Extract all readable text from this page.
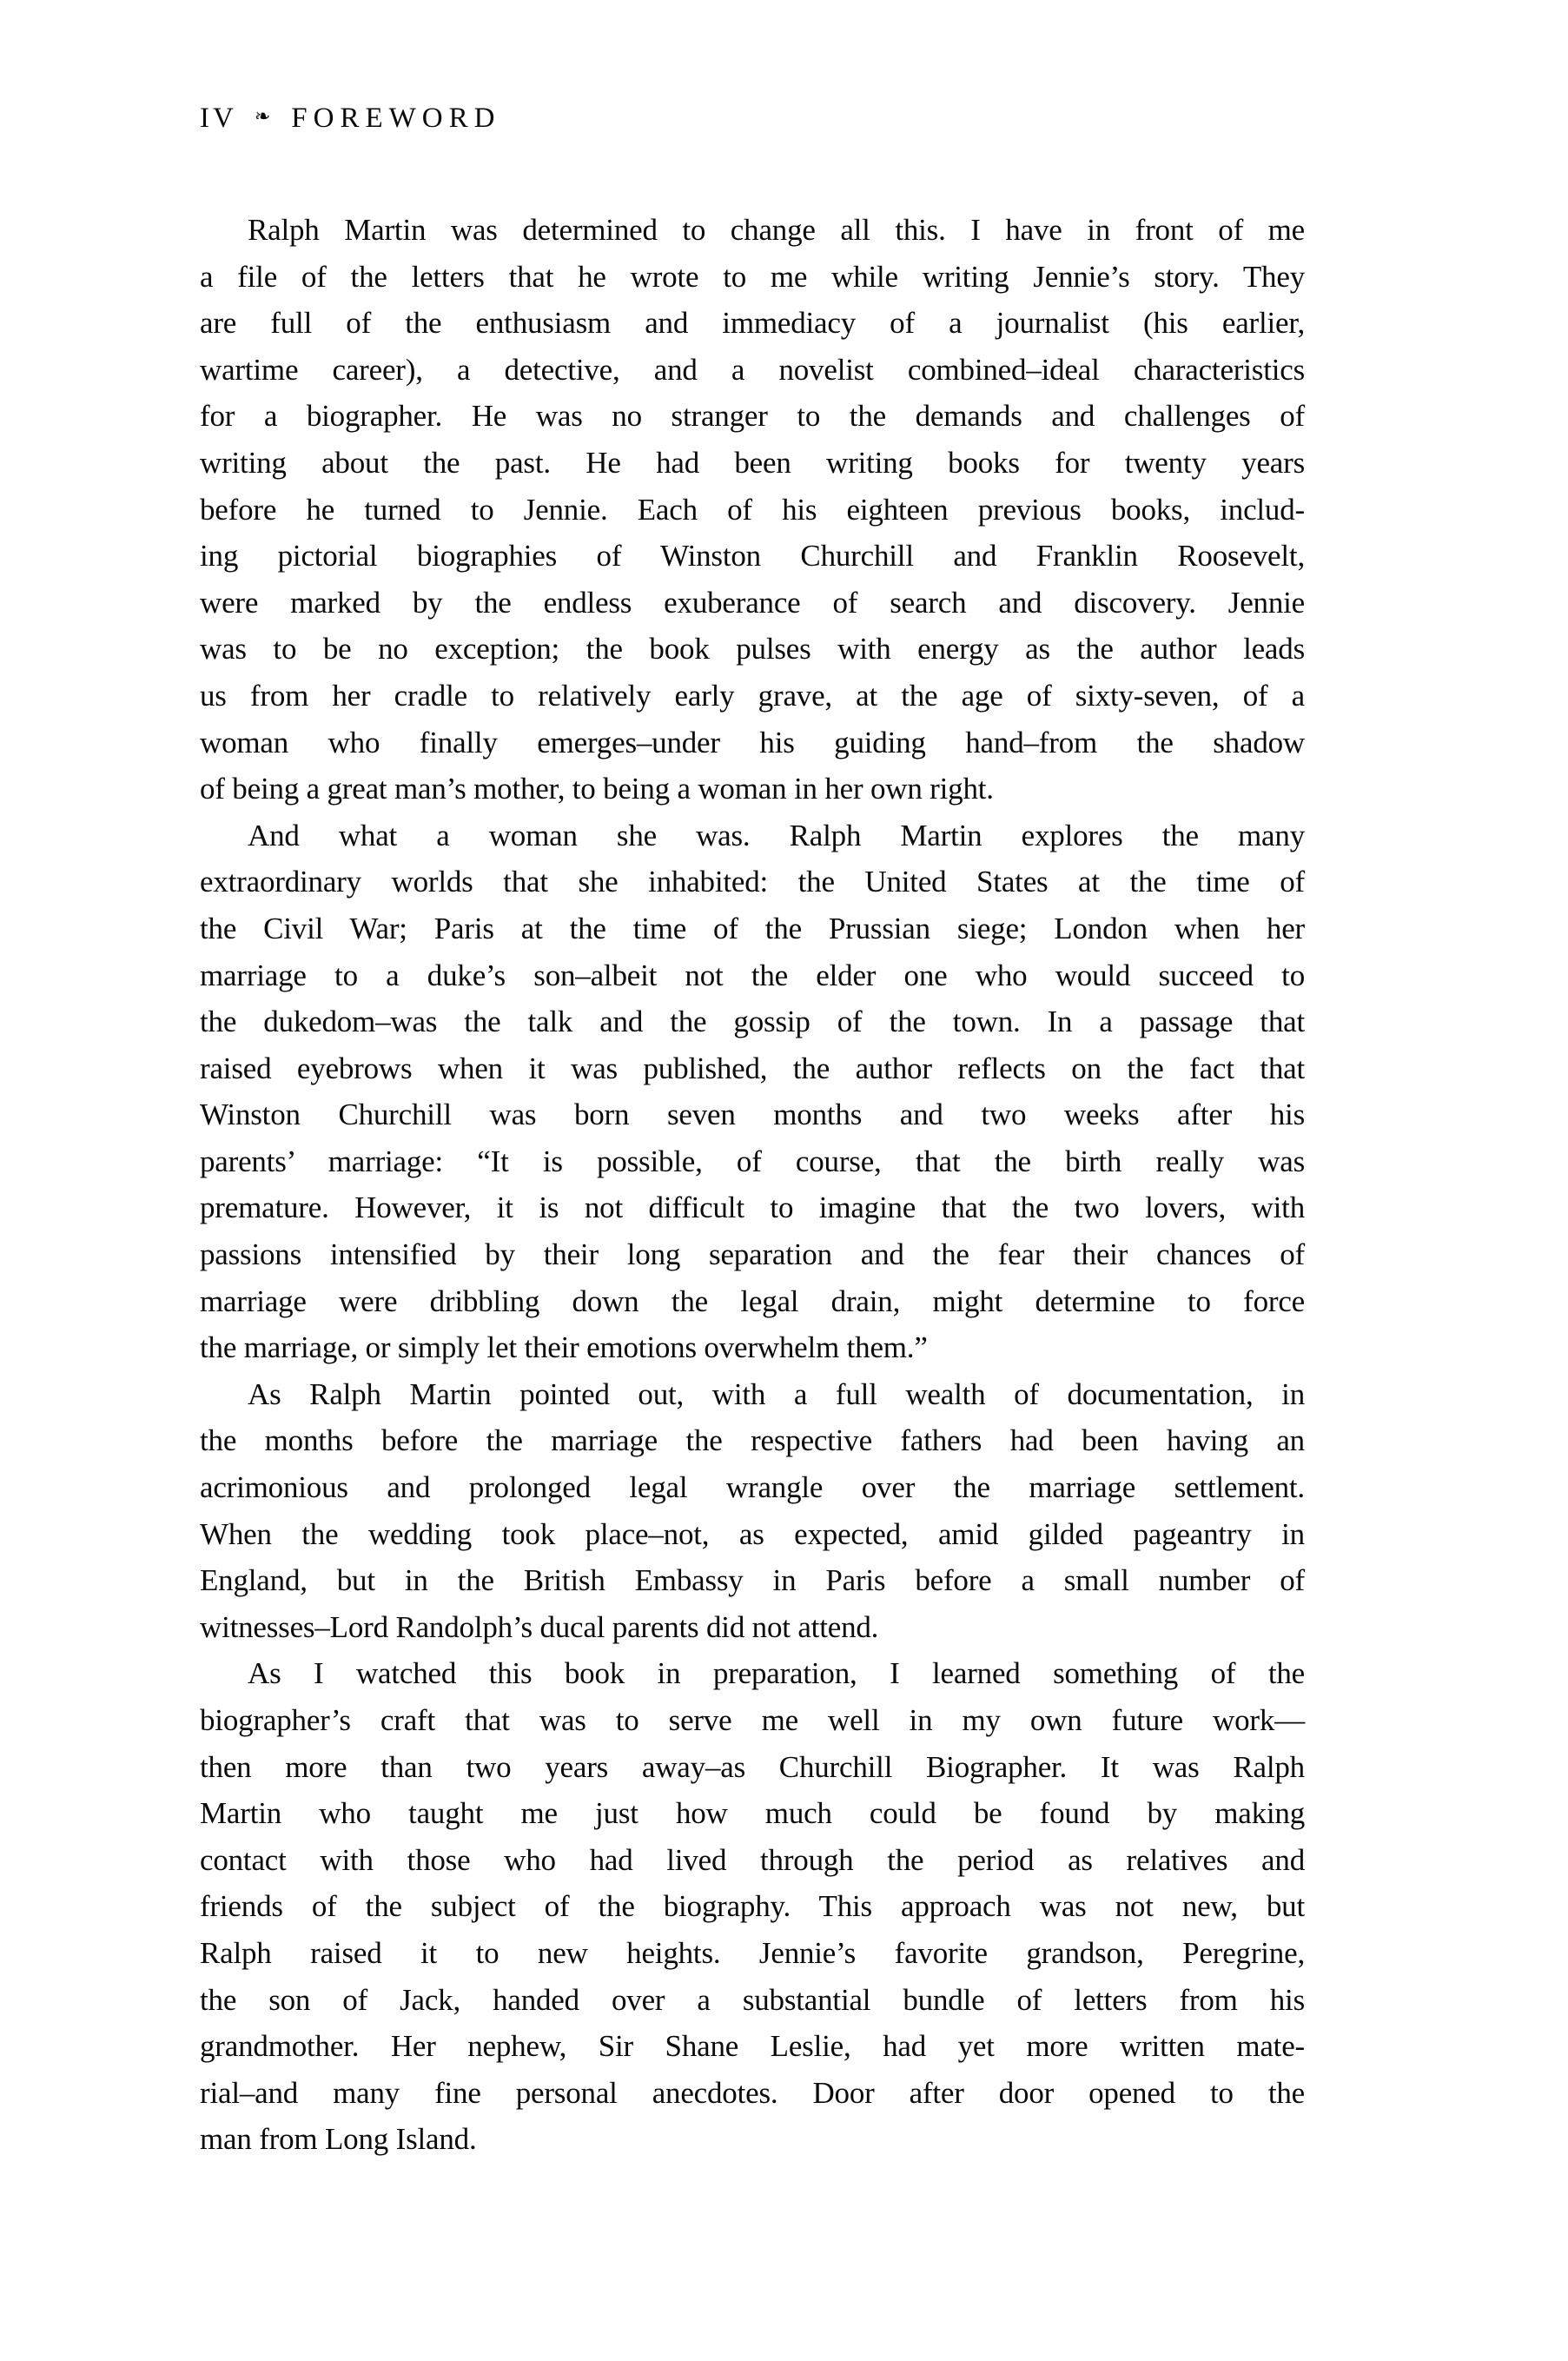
IV ❧ FOREWORD
Ralph Martin was determined to change all this. I have in front of me
a file of the letters that he wrote to me while writing Jennie’s story. They
are full of the enthusiasm and immediacy of a journalist (his earlier,
wartime career), a detective, and a novelist combined–ideal characteristics
for a biographer. He was no stranger to the demands and challenges of
writing about the past. He had been writing books for twenty years
before he turned to Jennie. Each of his eighteen previous books, includ-
ing pictorial biographies of Winston Churchill and Franklin Roosevelt,
were marked by the endless exuberance of search and discovery. Jennie
was to be no exception; the book pulses with energy as the author leads
us from her cradle to relatively early grave, at the age of sixty-seven, of a
woman who finally emerges–under his guiding hand–from the shadow
of being a great man’s mother, to being a woman in her own right.
And what a woman she was. Ralph Martin explores the many
extraordinary worlds that she inhabited: the United States at the time of
the Civil War; Paris at the time of the Prussian siege; London when her
marriage to a duke’s son–albeit not the elder one who would succeed to
the dukedom–was the talk and the gossip of the town. In a passage that
raised eyebrows when it was published, the author reflects on the fact that
Winston Churchill was born seven months and two weeks after his
parents’ marriage: “It is possible, of course, that the birth really was
premature. However, it is not difficult to imagine that the two lovers, with
passions intensified by their long separation and the fear their chances of
marriage were dribbling down the legal drain, might determine to force
the marriage, or simply let their emotions overwhelm them.”
As Ralph Martin pointed out, with a full wealth of documentation, in
the months before the marriage the respective fathers had been having an
acrimonious and prolonged legal wrangle over the marriage settlement.
When the wedding took place–not, as expected, amid gilded pageantry in
England, but in the British Embassy in Paris before a small number of
witnesses–Lord Randolph’s ducal parents did not attend.
As I watched this book in preparation, I learned something of the
biographer’s craft that was to serve me well in my own future work—
then more than two years away–as Churchill Biographer. It was Ralph
Martin who taught me just how much could be found by making
contact with those who had lived through the period as relatives and
friends of the subject of the biography. This approach was not new, but
Ralph raised it to new heights. Jennie’s favorite grandson, Peregrine,
the son of Jack, handed over a substantial bundle of letters from his
grandmother. Her nephew, Sir Shane Leslie, had yet more written mate-
rial–and many fine personal anecdotes. Door after door opened to the
man from Long Island.
